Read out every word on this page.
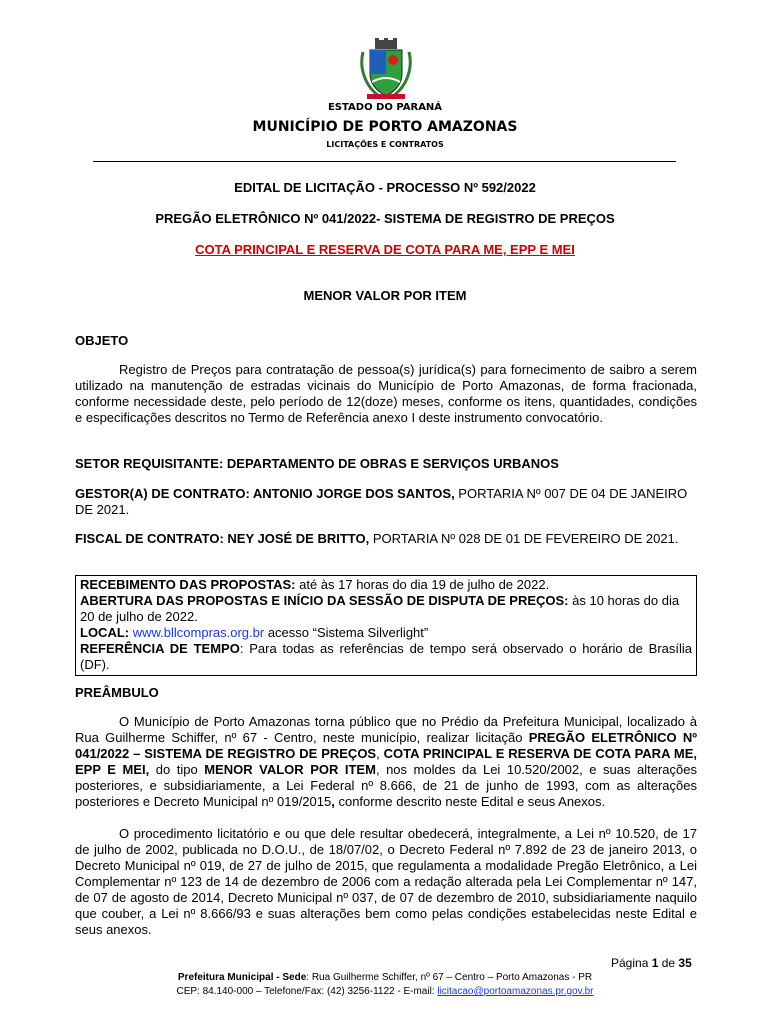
ESTADO DO PARANÁ
MUNICÍPIO DE PORTO AMAZONAS
LICITAÇÕES E CONTRATOS
EDITAL DE LICITAÇÃO - PROCESSO Nº 592/2022
PREGÃO ELETRÔNICO Nº 041/2022- SISTEMA DE REGISTRO DE PREÇOS
COTA PRINCIPAL E RESERVA DE COTA PARA ME, EPP E MEI
MENOR VALOR POR ITEM
OBJETO
Registro de Preços para contratação de pessoa(s) jurídica(s) para fornecimento de saibro a serem utilizado na manutenção de estradas vicinais do Município de Porto Amazonas, de forma fracionada, conforme necessidade deste, pelo período de 12(doze) meses, conforme os itens, quantidades, condições e especificações descritos no Termo de Referência anexo I deste instrumento convocatório.
SETOR REQUISITANTE: DEPARTAMENTO DE OBRAS E SERVIÇOS URBANOS
GESTOR(A) DE CONTRATO: ANTONIO JORGE DOS SANTOS, PORTARIA Nº 007 DE 04 DE JANEIRO DE 2021.
FISCAL DE CONTRATO: NEY JOSÉ DE BRITTO, PORTARIA Nº 028 DE 01 DE FEVEREIRO DE 2021.
RECEBIMENTO DAS PROPOSTAS: até às 17 horas do dia 19 de julho de 2022.
ABERTURA DAS PROPOSTAS E INÍCIO DA SESSÃO DE DISPUTA DE PREÇOS: às 10 horas do dia 20 de julho de 2022.
LOCAL: www.bllcompras.org.br acesso “Sistema Silverlight”
REFERÊNCIA DE TEMPO: Para todas as referências de tempo será observado o horário de Brasília (DF).
PREÂMBULO
O Município de Porto Amazonas torna público que no Prédio da Prefeitura Municipal, localizado à Rua Guilherme Schiffer, nº 67 - Centro, neste município, realizar licitação PREGÃO ELETRÔNICO Nº 041/2022 – SISTEMA DE REGISTRO DE PREÇOS, COTA PRINCIPAL E RESERVA DE COTA PARA ME, EPP E MEI, do tipo MENOR VALOR POR ITEM, nos moldes da Lei 10.520/2002, e suas alterações posteriores, e subsidiariamente, a Lei Federal nº 8.666, de 21 de junho de 1993, com as alterações posteriores e Decreto Municipal nº 019/2015, conforme descrito neste Edital e seus Anexos.
O procedimento licitatório e ou que dele resultar obedecerá, integralmente, a Lei nº 10.520, de 17 de julho de 2002, publicada no D.O.U., de 18/07/02, o Decreto Federal nº 7.892 de 23 de janeiro 2013, o Decreto Municipal nº 019, de 27 de julho de 2015, que regulamenta a modalidade Pregão Eletrônico, a Lei Complementar nº 123 de 14 de dezembro de 2006 com a redação alterada pela Lei Complementar nº 147, de 07 de agosto de 2014, Decreto Municipal nº 037, de 07 de dezembro de 2010, subsidiariamente naquilo que couber, a Lei nº 8.666/93 e suas alterações bem como pelas condições estabelecidas neste Edital e seus anexos.
Página 1 de 35
Prefeitura Municipal - Sede: Rua Guilherme Schiffer, nº 67 – Centro – Porto Amazonas - PR
CEP: 84.140-000 – Telefone/Fax: (42) 3256-1122 - E-mail: licitacao@portoamazonas.pr.gov.br
